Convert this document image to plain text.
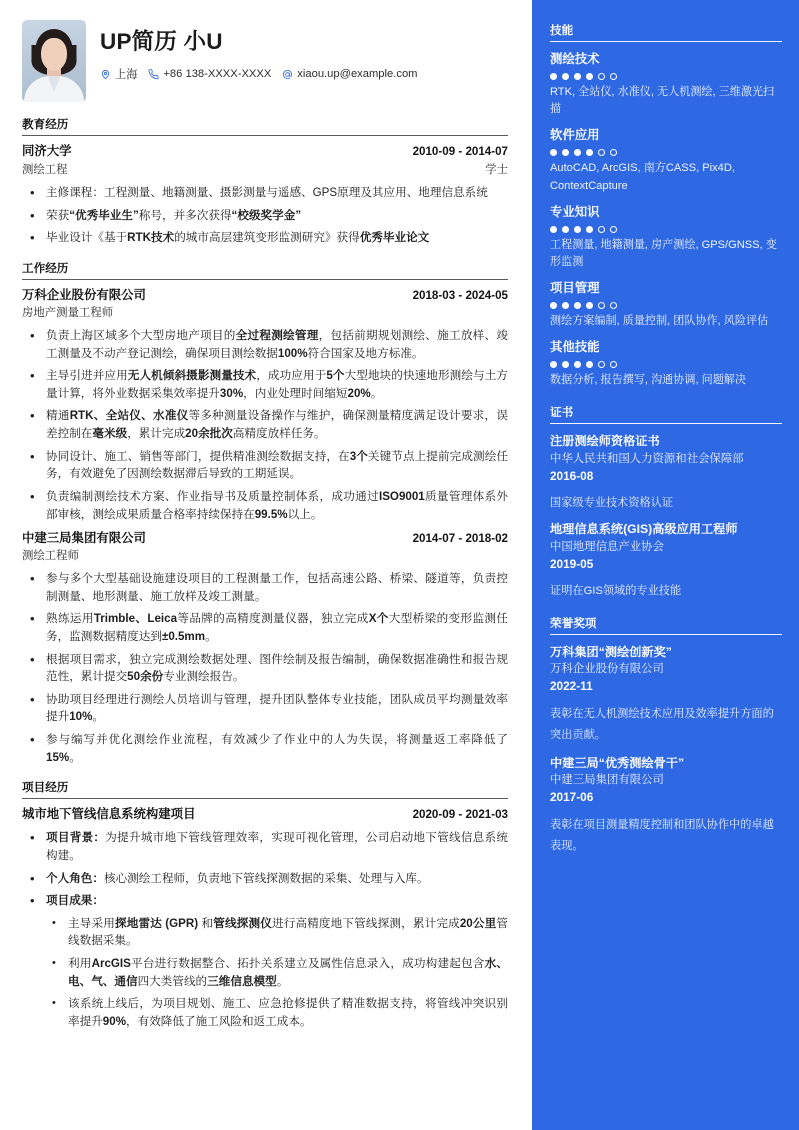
UP简历 小U
上海 +86 138-XXXX-XXXX xiaou.up@example.com
教育经历
同济大学	2010-09 - 2014-07
测绘工程	学士
• 主修课程：工程测量、地籍测量、摄影测量与遥感、GPS原理及其应用、地理信息系统
• 荣获“优秀毕业生”称号，并多次获得“校级奖学金”
• 毕业设计《基于RTK技术的城市高层建筑变形监测研究》获得优秀毕业论文
工作经历
万科企业股份有限公司	2018-03 - 2024-05
房地产测量工程师
• 负责上海区域多个大型房地产项目的全过程测绘管理，包括前期规划测绘、施工放样、竣工测量及不动产登记测绘，确保项目测绘数据100%符合国家及地方标准。
• 主导引进并应用无人机倾斜摄影测量技术，成功应用于5个大型地块的快速地形测绘与土方量计算，将外业数据采集效率提升30%，内业处理时间缩短20%。
• 精通RTK、全站仪、水准仪等多种测量设备操作与维护，确保测量精度满足设计要求，误差控制在毫米级，累计完成20余批次高精度放样任务。
• 协同设计、施工、销售等部门，提供精准测绘数据支持，在3个关键节点上提前完成测绘任务，有效避免了因测绘数据滞后导致的工期延误。
• 负责编制测绘技术方案、作业指导书及质量控制体系，成功通过ISO9001质量管理体系外部审核，测绘成果质量合格率持续保持在99.5%以上。
中建三局集团有限公司	2014-07 - 2018-02
测绘工程师
• 参与多个大型基础设施建设项目的工程测量工作，包括高速公路、桥梁、隧道等，负责控制测量、地形测量、施工放样及竣工测量。
• 熟练运用Trimble、Leica等品牌的高精度测量仪器，独立完成X个大型桥梁的变形监测任务，监测数据精度达到±0.5mm。
• 根据项目需求，独立完成测绘数据处理、图件绘制及报告编制，确保数据准确性和报告规范性，累计提交50余份专业测绘报告。
• 协助项目经理进行测绘人员培训与管理，提升团队整体专业技能，团队成员平均测量效率提升10%。
• 参与编写并优化测绘作业流程，有效减少了作业中的人为失误，将测量返工率降低了15%。
项目经历
城市地下管线信息系统构建项目	2020-09 - 2021-03
• 项目背景：为提升城市地下管线管理效率，实现可视化管理，公司启动地下管线信息系统构建。
• 个人角色：核心测绘工程师，负责地下管线探测数据的采集、处理与入库。
• 项目成果：
• 主导采用探地雷达 (GPR) 和管线探测仪进行高精度地下管线探测，累计完成20公里管线数据采集。
• 利用ArcGIS平台进行数据整合、拓扑关系建立及属性信息录入，成功构建起包含水、电、气、通信四大类管线的三维信息模型。
• 该系统上线后，为项目规划、施工、应急抢修提供了精准数据支持，将管线冲突识别率提升90%，有效降低了施工风险和返工成本。
技能
测绘技术
RTK, 全站仪, 水准仪, 无人机测绘, 三维激光扫描
软件应用
AutoCAD, ArcGIS, 南方CASS, Pix4D, ContextCapture
专业知识
工程测量, 地籍测量, 房产测绘, GPS/GNSS, 变形监测
项目管理
测绘方案编制, 质量控制, 团队协作, 风险评估
其他技能
数据分析, 报告撰写, 沟通协调, 问题解决
证书
注册测绘师资格证书
中华人民共和国人力资源和社会保障部
2016-08
国家级专业技术资格认证
地理信息系统(GIS)高级应用工程师
中国地理信息产业协会
2019-05
证明在GIS领域的专业技能
荣誉奖项
万科集团“测绘创新奖”
万科企业股份有限公司
2022-11
表彰在无人机测绘技术应用及效率提升方面的突出贡献。
中建三局“优秀测绘骨干”
中建三局集团有限公司
2017-06
表彰在项目测量精度控制和团队协作中的卓越表现。
